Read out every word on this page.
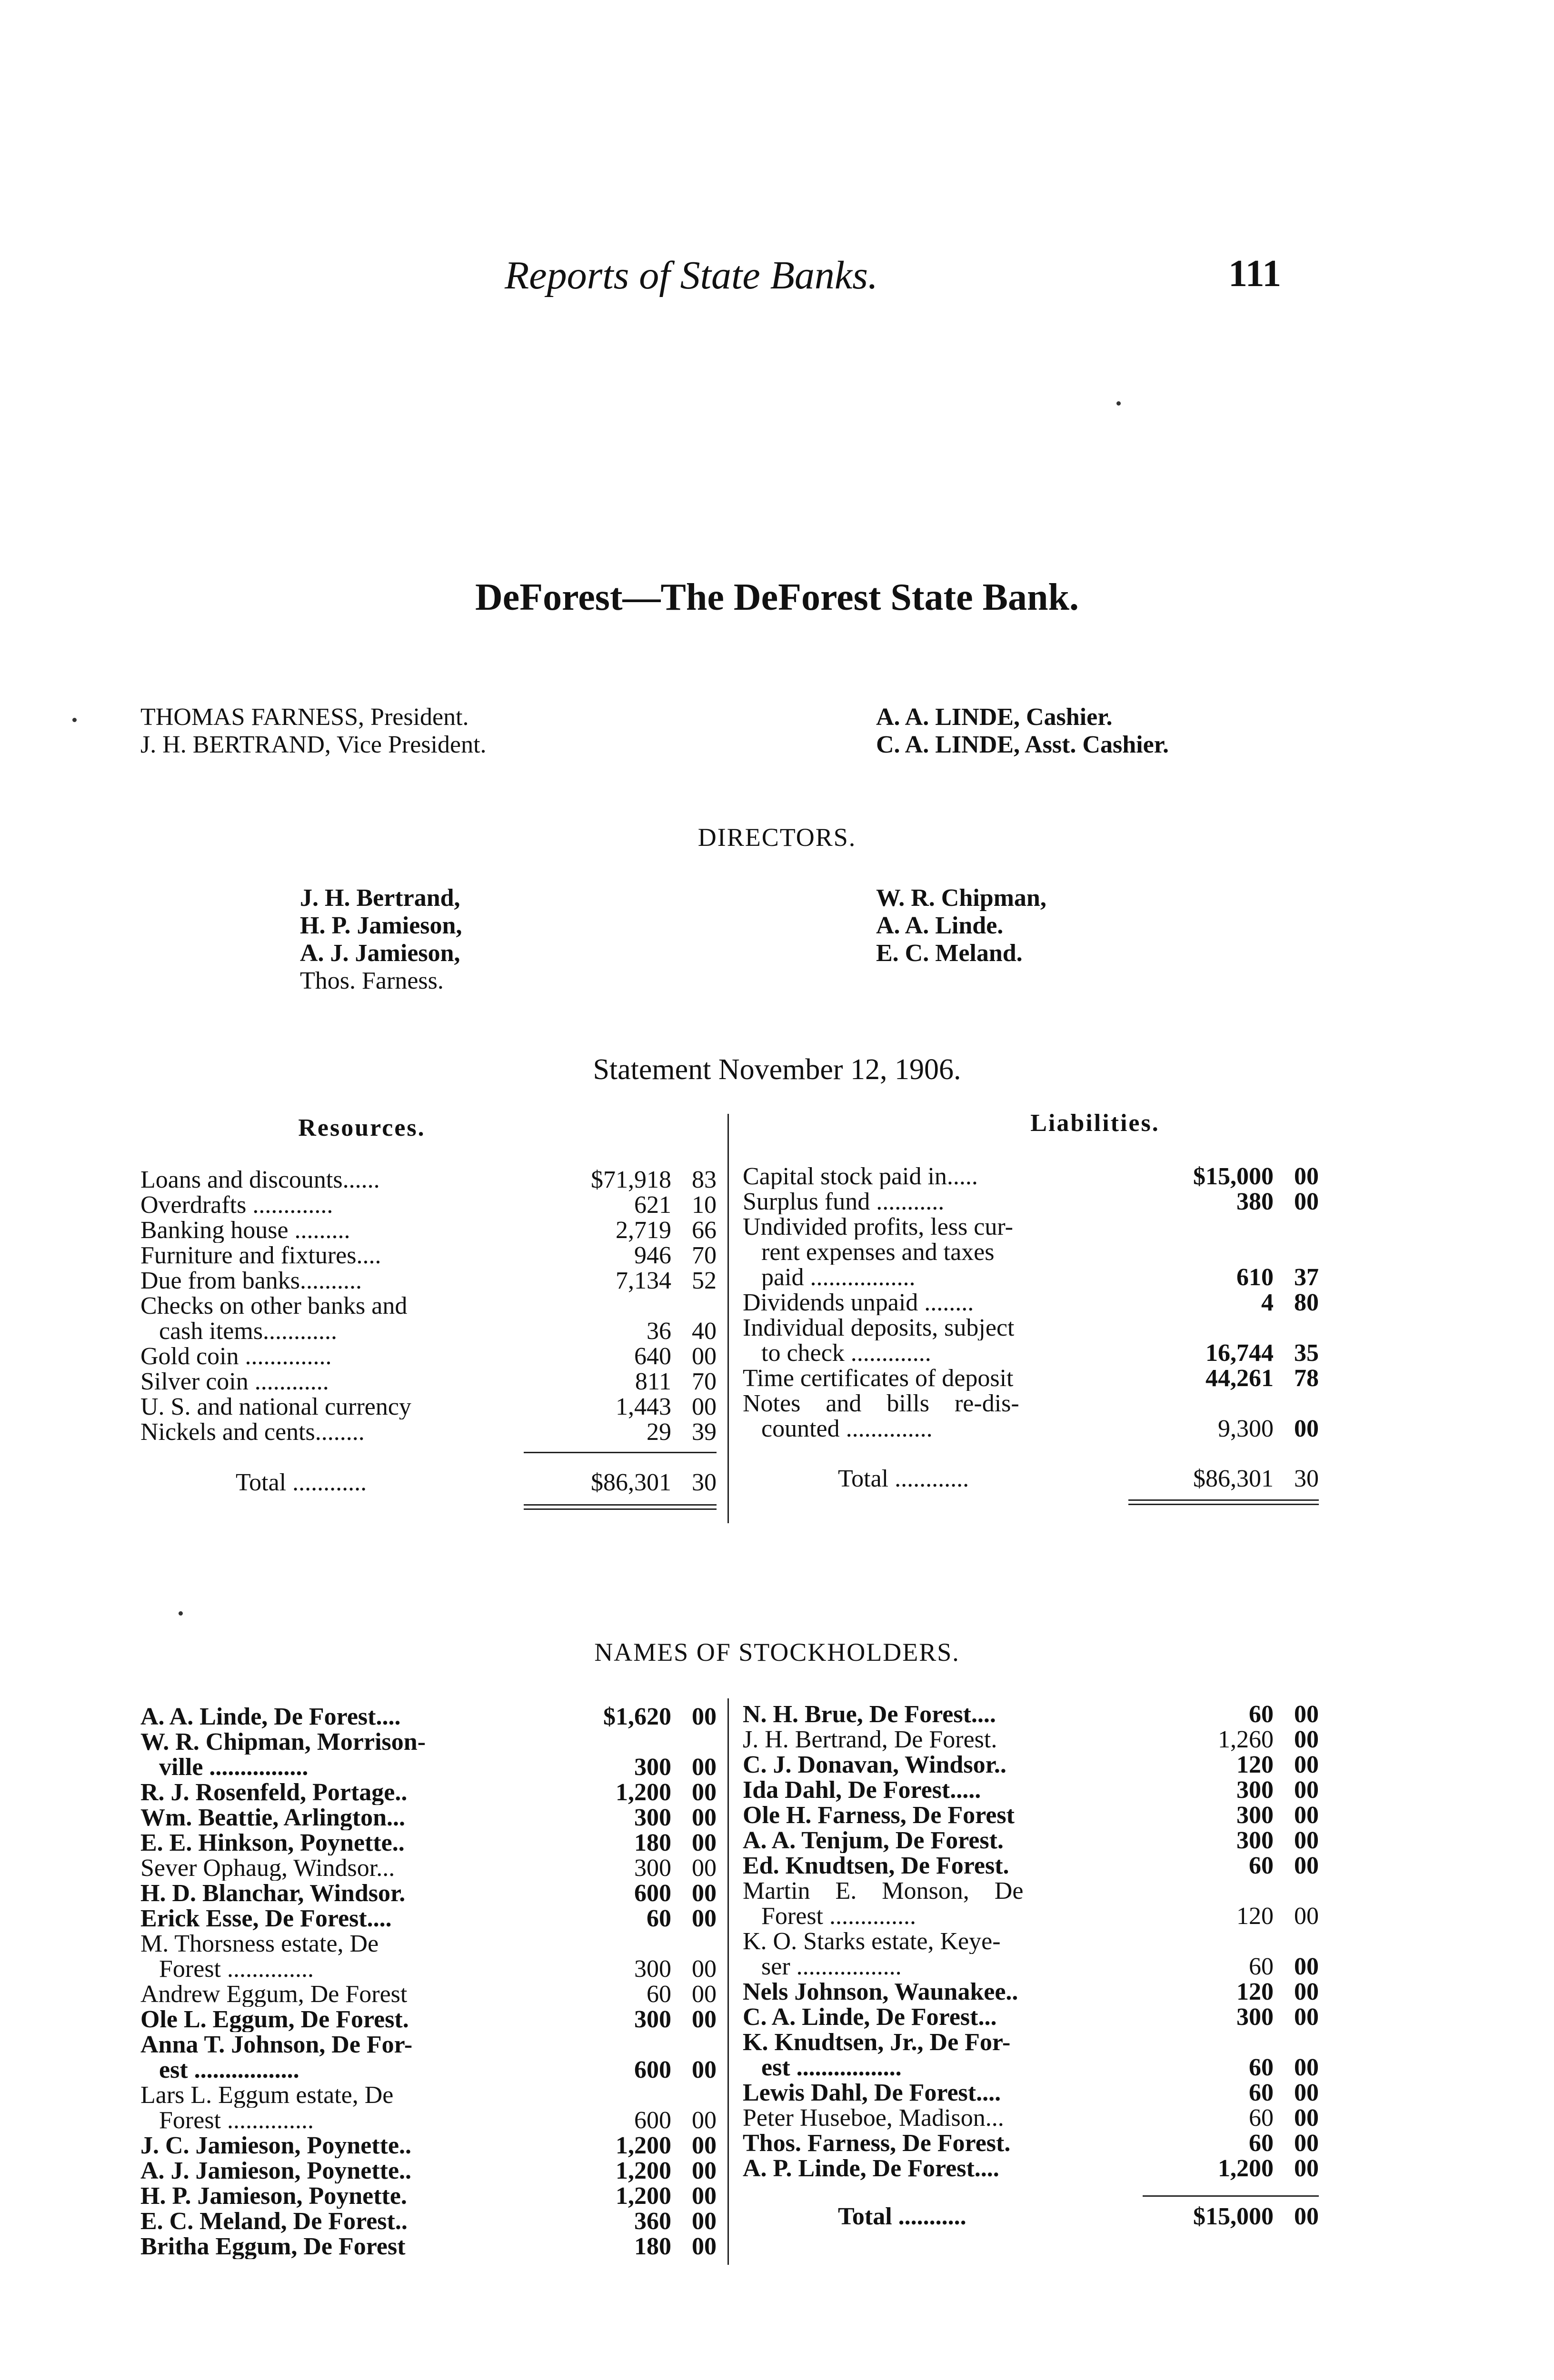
Reports of State Banks.	111
DeForest—The DeForest State Bank.
THOMAS FARNESS, President.
J. H. BERTRAND, Vice President.
A. A. LINDE, Cashier.
C. A. LINDE, Asst. Cashier.
DIRECTORS.
J. H. Bertrand,
H. P. Jamieson,
A. J. Jamieson,
Thos. Farness.
W. R. Chipman,
A. A. Linde.
E. C. Meland.
Statement November 12, 1906.
Resources.	Liabilities.
Loans and discounts......	$71,918 83
Overdrafts .............	621 10
Banking house .........	2,719 66
Furniture and fixtures....	946 70
Due from banks..........	7,134 52
Checks on other banks and
cash items............	36 40
Gold coin ..............	640 00
Silver coin ............	811 70
U. S. and national currency	1,443 00
Nickels and cents........	29 39
Total ............	$86,301 30
Capital stock paid in.....	$15,000 00
Surplus fund ...........	380 00
Undivided profits, less cur-
rent expenses and taxes
paid .................	610 37
Dividends unpaid ........	4 80
Individual deposits, subject
to check .............	16,744 35
Time certificates of deposit	44,261 78
Notes and bills re-dis-
counted ..............	9,300 00
Total ............	$86,301 30
NAMES OF STOCKHOLDERS.
A. A. Linde, De Forest....	$1,620 00
W. R. Chipman, Morrison-
ville ................	300 00
R. J. Rosenfeld, Portage..	1,200 00
Wm. Beattie, Arlington...	300 00
E. E. Hinkson, Poynette..	180 00
Sever Ophaug, Windsor...	300 00
H. D. Blanchar, Windsor.	600 00
Erick Esse, De Forest....	60 00
M. Thorsness estate, De
Forest ..............	300 00
Andrew Eggum, De Forest	60 00
Ole L. Eggum, De Forest.	300 00
Anna T. Johnson, De For-
est .................	600 00
Lars L. Eggum estate, De
Forest ..............	600 00
J. C. Jamieson, Poynette..	1,200 00
A. J. Jamieson, Poynette..	1,200 00
H. P. Jamieson, Poynette.	1,200 00
E. C. Meland, De Forest..	360 00
Britha Eggum, De Forest	180 00
N. H. Brue, De Forest....	60 00
J. H. Bertrand, De Forest.	1,260 00
C. J. Donavan, Windsor..	120 00
Ida Dahl, De Forest.....	300 00
Ole H. Farness, De Forest	300 00
A. A. Tenjum, De Forest.	300 00
Ed. Knudtsen, De Forest.	60 00
Martin E. Monson, De
Forest ..............	120 00
K. O. Starks estate, Keye-
ser .................	60 00
Nels Johnson, Waunakee..	120 00
C. A. Linde, De Forest...	300 00
K. Knudtsen, Jr., De For-
est .................	60 00
Lewis Dahl, De Forest....	60 00
Peter Huseboe, Madison...	60 00
Thos. Farness, De Forest.	60 00
A. P. Linde, De Forest....	1,200 00
Total ...........	$15,000 00
